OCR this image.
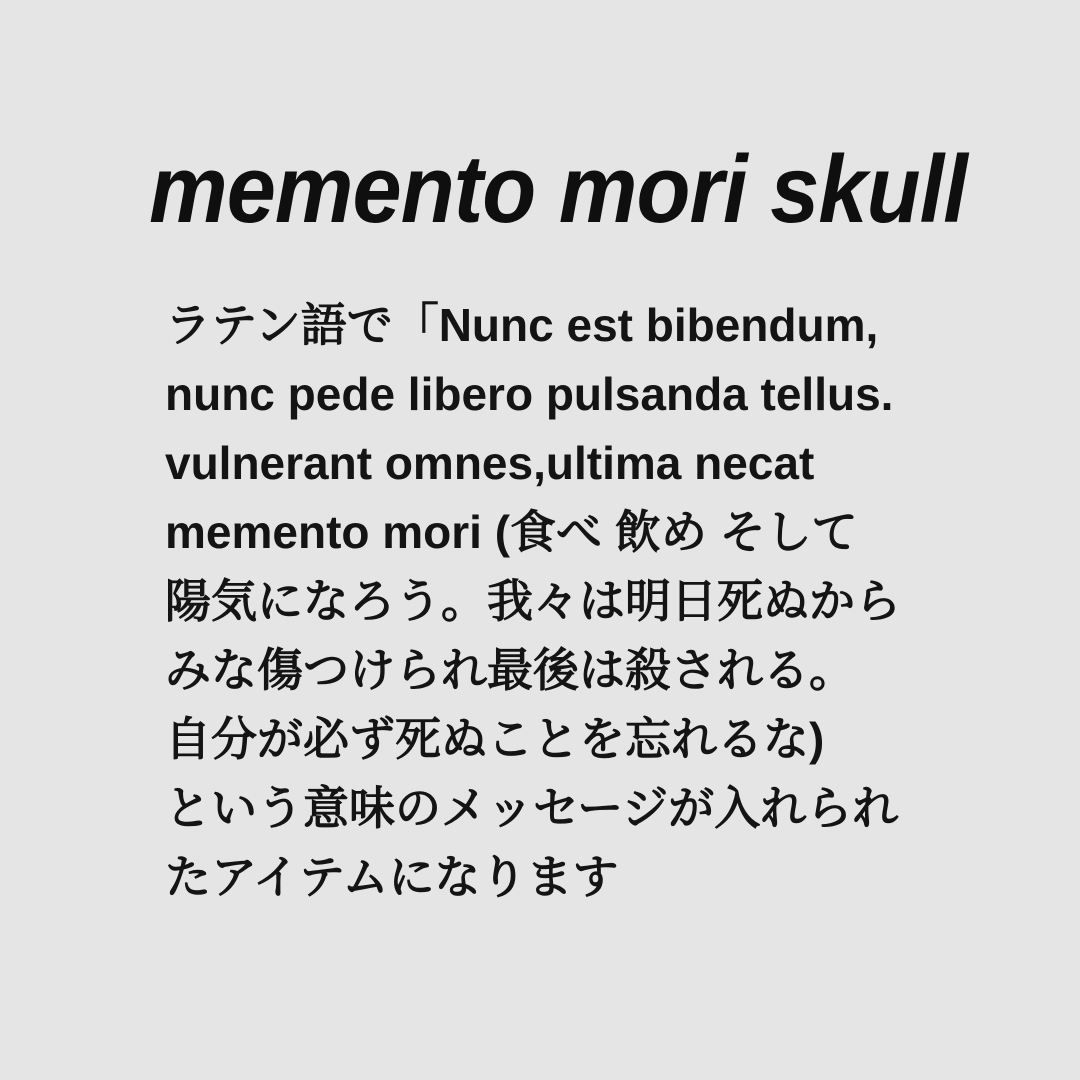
memento mori skull
ラテン語で「Nunc est bibendum,
nunc pede libero pulsanda tellus.
vulnerant omnes,ultima necat
memento mori (食べ 飲め そして
陽気になろう。我々は明日死ぬから
みな傷つけられ最後は殺される。
自分が必ず死ぬことを忘れるな)
という意味のメッセージが入れられ
たアイテムになります
